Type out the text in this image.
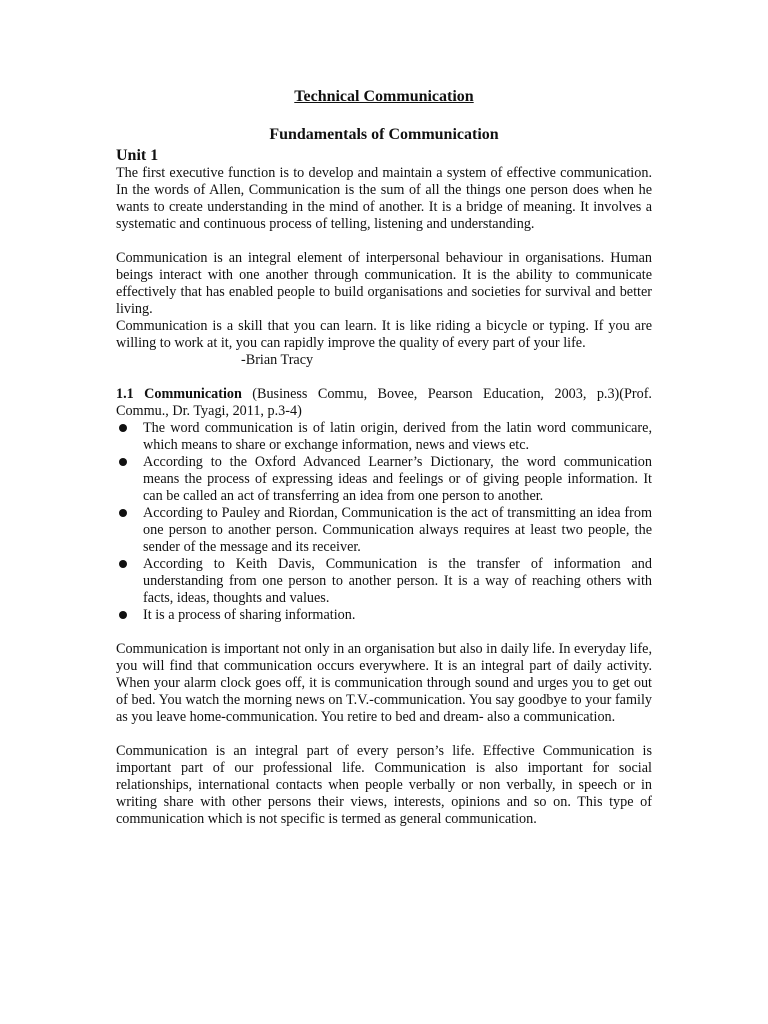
Technical Communication
Fundamentals of Communication
Unit 1

The first executive function is to develop and maintain a system of effective communication. In the words of Allen, Communication is the sum of all the things one person does when he wants to create understanding in the mind of another. It is a bridge of meaning. It involves a systematic and continuous process of telling, listening and understanding.

Communication is an integral element of interpersonal behaviour in organisations. Human beings interact with one another through communication. It is the ability to communicate effectively that has enabled people to build organisations and societies for survival and better living.

Communication is a skill that you can learn. It is like riding a bicycle or typing. If you are willing to work at it, you can rapidly improve the quality of every part of your life.

-Brian Tracy

1.1 Communication (Business Commu, Bovee, Pearson Education, 2003, p.3)(Prof. Commu., Dr. Tyagi, 2011, p.3-4)

The word communication is of latin origin, derived from the latin word communicare, which means to share or exchange information, news and views etc.
According to the Oxford Advanced Learner’s Dictionary, the word communication means the process of expressing ideas and feelings or of giving people information. It can be called an act of transferring an idea from one person to another.
According to Pauley and Riordan, Communication is the act of transmitting an idea from one person to another person. Communication always requires at least two people, the sender of the message and its receiver.
According to Keith Davis, Communication is the transfer of information and understanding from one person to another person. It is a way of reaching others with facts, ideas, thoughts and values.
It is a process of sharing information.

Communication is important not only in an organisation but also in daily life. In everyday life, you will find that communication occurs everywhere. It is an integral part of daily activity. When your alarm clock goes off, it is communication through sound and urges you to get out of bed. You watch the morning news on T.V.-communication. You say goodbye to your family as you leave home-communication. You retire to bed and dream- also a communication.

Communication is an integral part of every person’s life. Effective Communication is important part of our professional life. Communication is also important for social relationships, international contacts when people verbally or non verbally, in speech or in writing share with other persons their views, interests, opinions and so on. This type of communication which is not specific is termed as general communication.
